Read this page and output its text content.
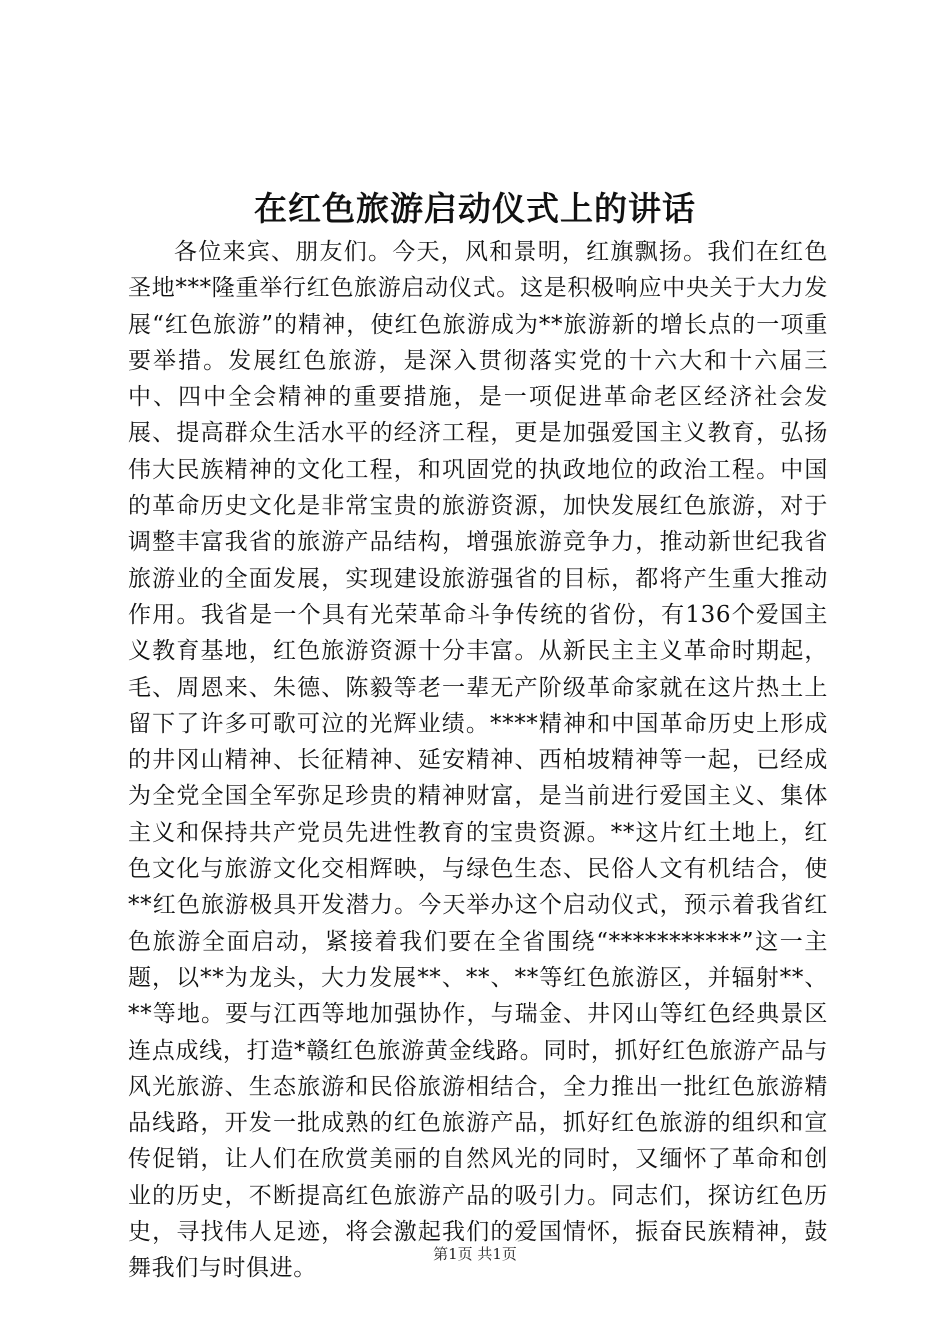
在红色旅游启动仪式上的讲话

各位来宾、朋友们。今天，风和景明，红旗飘扬。我们在红色圣地***隆重举行红色旅游启动仪式。这是积极响应中央关于大力发展“红色旅游”的精神，使红色旅游成为**旅游新的增长点的一项重要举措。发展红色旅游，是深入贯彻落实党的十六大和十六届三中、四中全会精神的重要措施，是一项促进革命老区经济社会发展、提高群众生活水平的经济工程，更是加强爱国主义教育，弘扬伟大民族精神的文化工程，和巩固党的执政地位的政治工程。中国的革命历史文化是非常宝贵的旅游资源，加快发展红色旅游，对于调整丰富我省的旅游产品结构，增强旅游竞争力，推动新世纪我省旅游业的全面发展，实现建设旅游强省的目标，都将产生重大推动作用。我省是一个具有光荣革命斗争传统的省份，有136个爱国主义教育基地，红色旅游资源十分丰富。从新民主主义革命时期起，毛、周恩来、朱德、陈毅等老一辈无产阶级革命家就在这片热土上留下了许多可歌可泣的光辉业绩。****精神和中国革命历史上形成的井冈山精神、长征精神、延安精神、西柏坡精神等一起，已经成为全党全国全军弥足珍贵的精神财富，是当前进行爱国主义、集体主义和保持共产党员先进性教育的宝贵资源。**这片红土地上，红色文化与旅游文化交相辉映，与绿色生态、民俗人文有机结合，使**红色旅游极具开发潜力。今天举办这个启动仪式，预示着我省红色旅游全面启动，紧接着我们要在全省围绕“***********”这一主题，以**为龙头，大力发展**、**、**等红色旅游区，并辐射**、**等地。要与江西等地加强协作，与瑞金、井冈山等红色经典景区连点成线，打造*赣红色旅游黄金线路。同时，抓好红色旅游产品与风光旅游、生态旅游和民俗旅游相结合，全力推出一批红色旅游精品线路，开发一批成熟的红色旅游产品，抓好红色旅游的组织和宣传促销，让人们在欣赏美丽的自然风光的同时，又缅怀了革命和创业的历史，不断提高红色旅游产品的吸引力。同志们，探访红色历史，寻找伟人足迹，将会激起我们的爱国情怀，振奋民族精神，鼓舞我们与时俱进。

第1页 共1页
